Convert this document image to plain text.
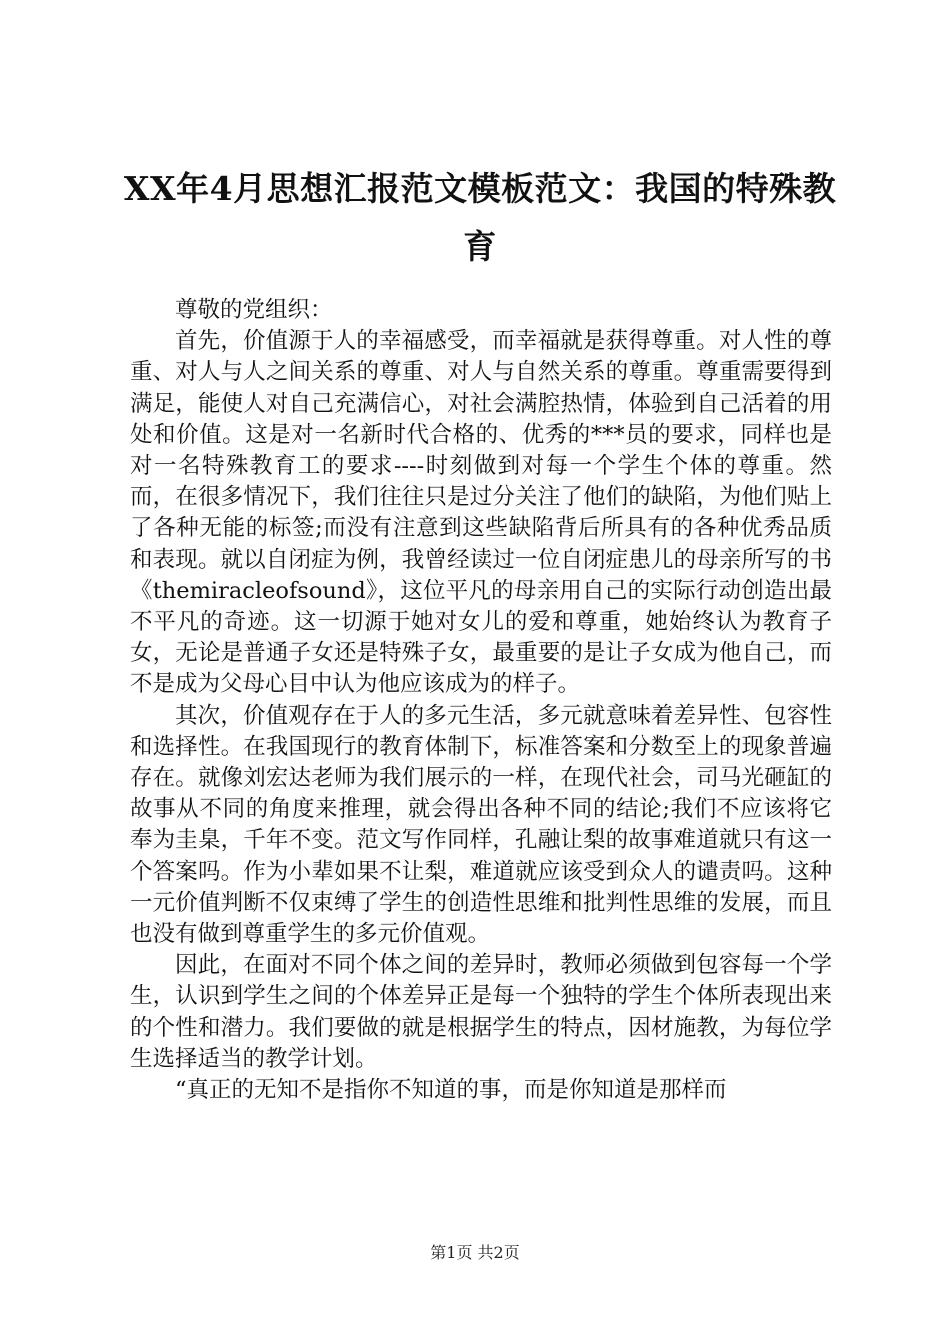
XX年4月思想汇报范文模板范文：我国的特殊教育

尊敬的党组织：

首先，价值源于人的幸福感受，而幸福就是获得尊重。对人性的尊重、对人与人之间关系的尊重、对人与自然关系的尊重。尊重需要得到满足，能使人对自己充满信心，对社会满腔热情，体验到自己活着的用处和价值。这是对一名新时代合格的、优秀的***员的要求，同样也是对一名特殊教育工的要求----时刻做到对每一个学生个体的尊重。然而，在很多情况下，我们往往只是过分关注了他们的缺陷，为他们贴上了各种无能的标签;而没有注意到这些缺陷背后所具有的各种优秀品质和表现。就以自闭症为例，我曾经读过一位自闭症患儿的母亲所写的书《themiracleofsound》，这位平凡的母亲用自己的实际行动创造出最不平凡的奇迹。这一切源于她对女儿的爱和尊重，她始终认为教育子女，无论是普通子女还是特殊子女，最重要的是让子女成为他自己，而不是成为父母心目中认为他应该成为的样子。

其次，价值观存在于人的多元生活，多元就意味着差异性、包容性和选择性。在我国现行的教育体制下，标准答案和分数至上的现象普遍存在。就像刘宏达老师为我们展示的一样，在现代社会，司马光砸缸的故事从不同的角度来推理，就会得出各种不同的结论;我们不应该将它奉为圭臬，千年不变。范文写作同样，孔融让梨的故事难道就只有这一个答案吗。作为小辈如果不让梨，难道就应该受到众人的谴责吗。这种一元价值判断不仅束缚了学生的创造性思维和批判性思维的发展，而且也没有做到尊重学生的多元价值观。

因此，在面对不同个体之间的差异时，教师必须做到包容每一个学生，认识到学生之间的个体差异正是每一个独特的学生个体所表现出来的个性和潜力。我们要做的就是根据学生的特点，因材施教，为每位学生选择适当的教学计划。

“真正的无知不是指你不知道的事，而是你知道是那样而

第1页 共2页
